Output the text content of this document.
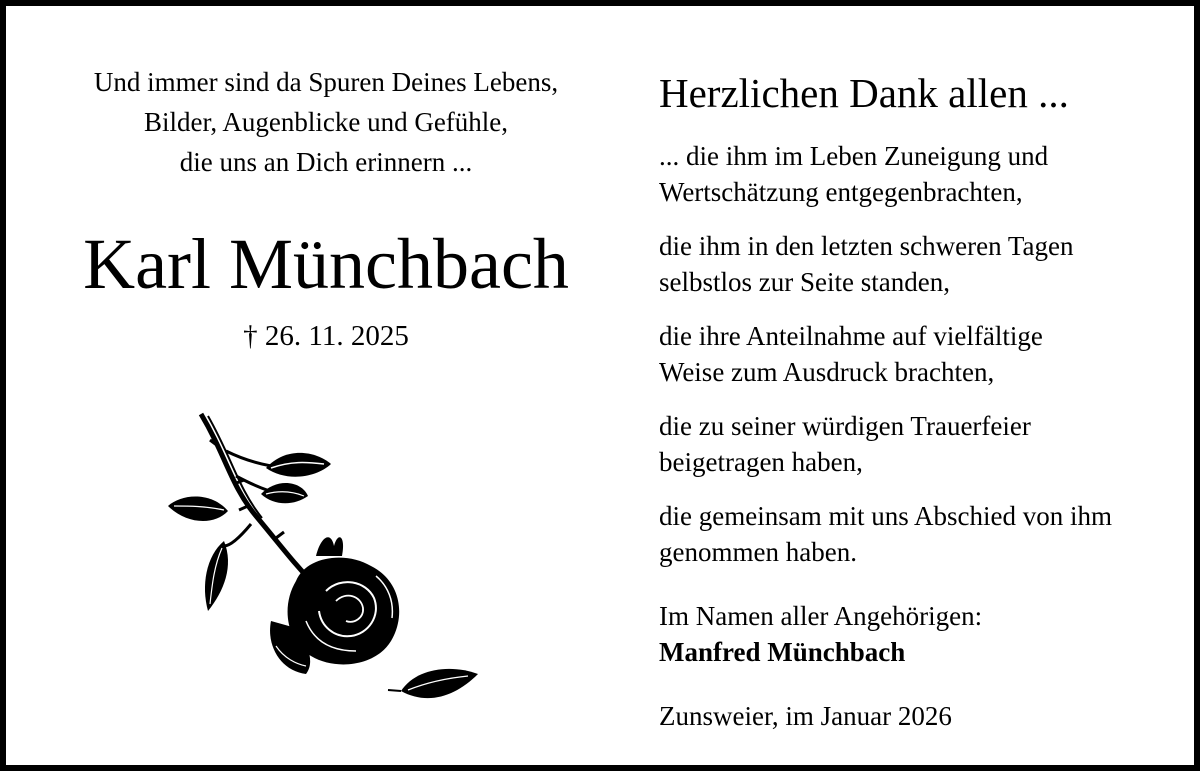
Und immer sind da Spuren Deines Lebens,
Bilder, Augenblicke und Gefühle,
die uns an Dich erinnern ...
Karl Münchbach
† 26. 11. 2025
Herzlichen Dank allen ...
... die ihm im Leben Zuneigung und
Wertschätzung entgegenbrachten,
die ihm in den letzten schweren Tagen
selbstlos zur Seite standen,
die ihre Anteilnahme auf vielfältige
Weise zum Ausdruck brachten,
die zu seiner würdigen Trauerfeier
beigetragen haben,
die gemeinsam mit uns Abschied von ihm
genommen haben.
Im Namen aller Angehörigen:
Manfred Münchbach
Zunsweier, im Januar 2026
